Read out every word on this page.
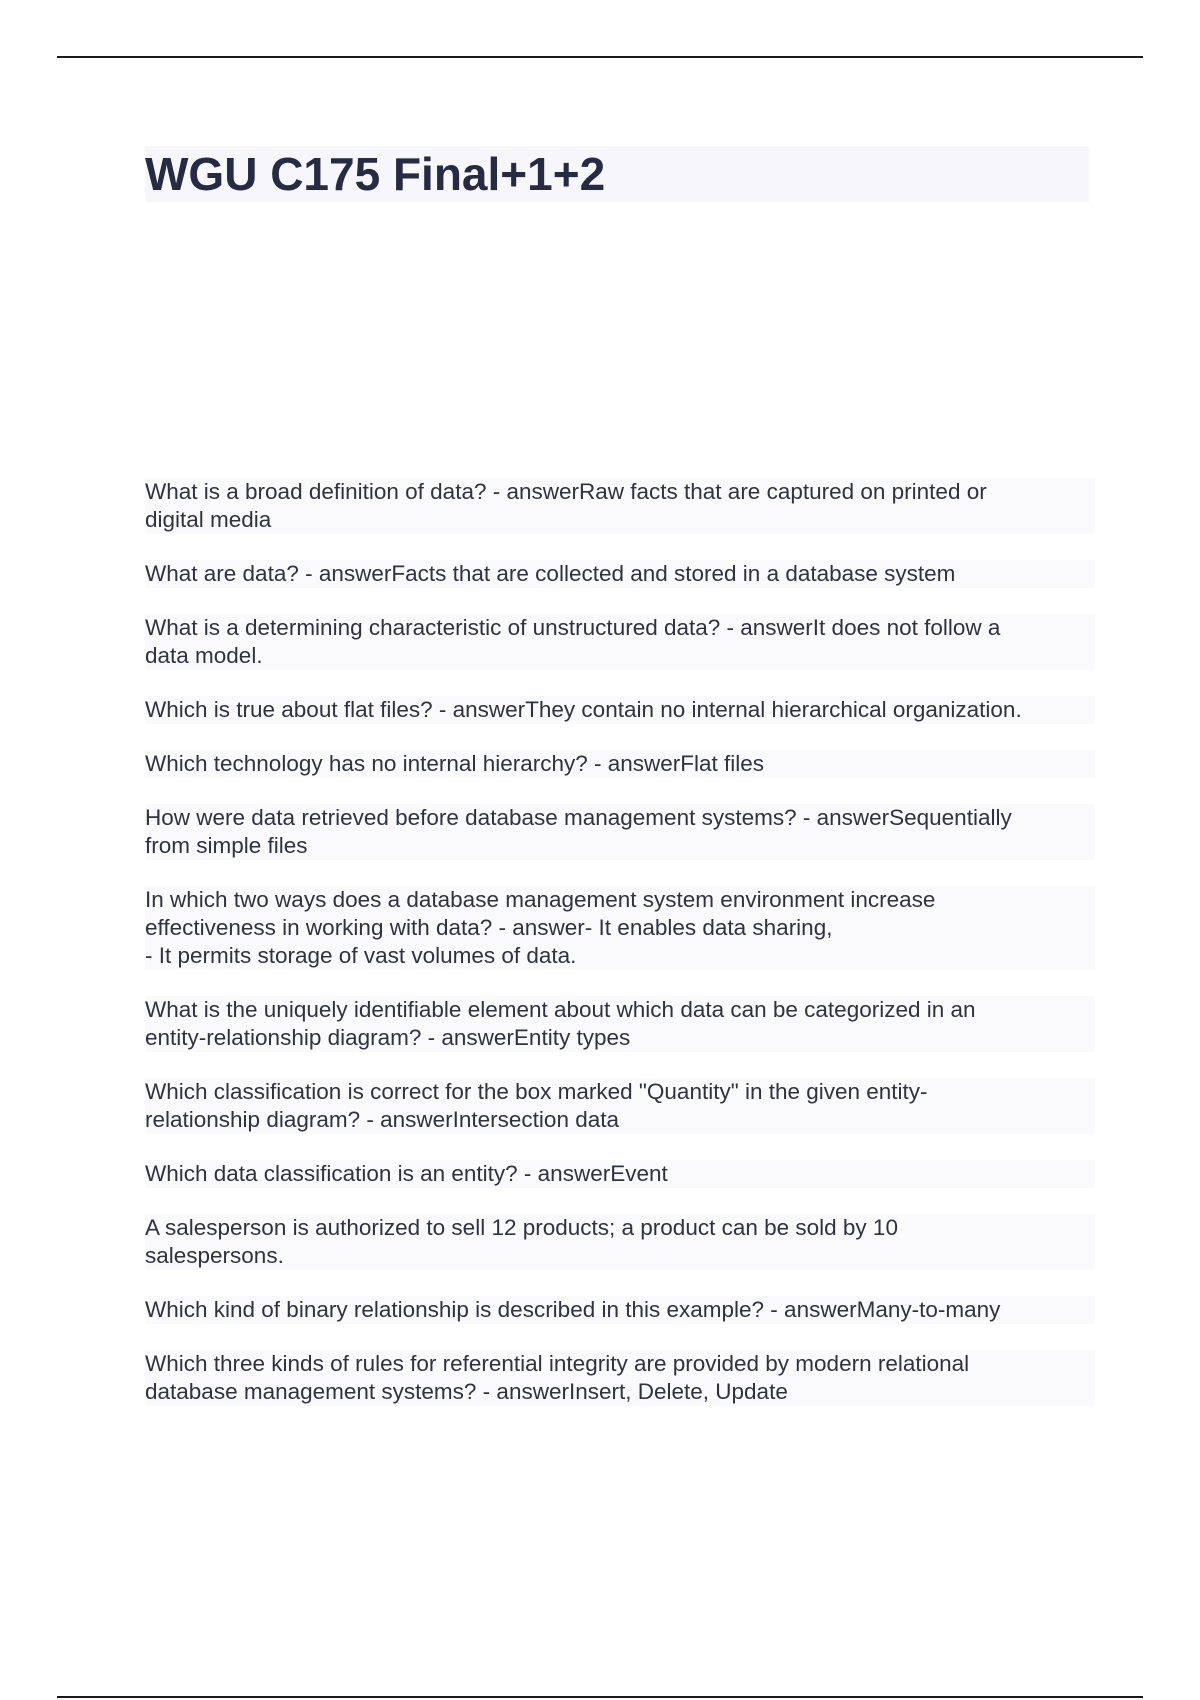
WGU C175 Final+1+2

What is a broad definition of data? - answerRaw facts that are captured on printed or
digital media

What are data? - answerFacts that are collected and stored in a database system

What is a determining characteristic of unstructured data? - answerIt does not follow a
data model.

Which is true about flat files? - answerThey contain no internal hierarchical organization.

Which technology has no internal hierarchy? - answerFlat files

How were data retrieved before database management systems? - answerSequentially
from simple files

In which two ways does a database management system environment increase
effectiveness in working with data? - answer- It enables data sharing,
- It permits storage of vast volumes of data.

What is the uniquely identifiable element about which data can be categorized in an
entity-relationship diagram? - answerEntity types

Which classification is correct for the box marked "Quantity" in the given entity-
relationship diagram? - answerIntersection data

Which data classification is an entity? - answerEvent

A salesperson is authorized to sell 12 products; a product can be sold by 10
salespersons.

Which kind of binary relationship is described in this example? - answerMany-to-many

Which three kinds of rules for referential integrity are provided by modern relational
database management systems? - answerInsert, Delete, Update
